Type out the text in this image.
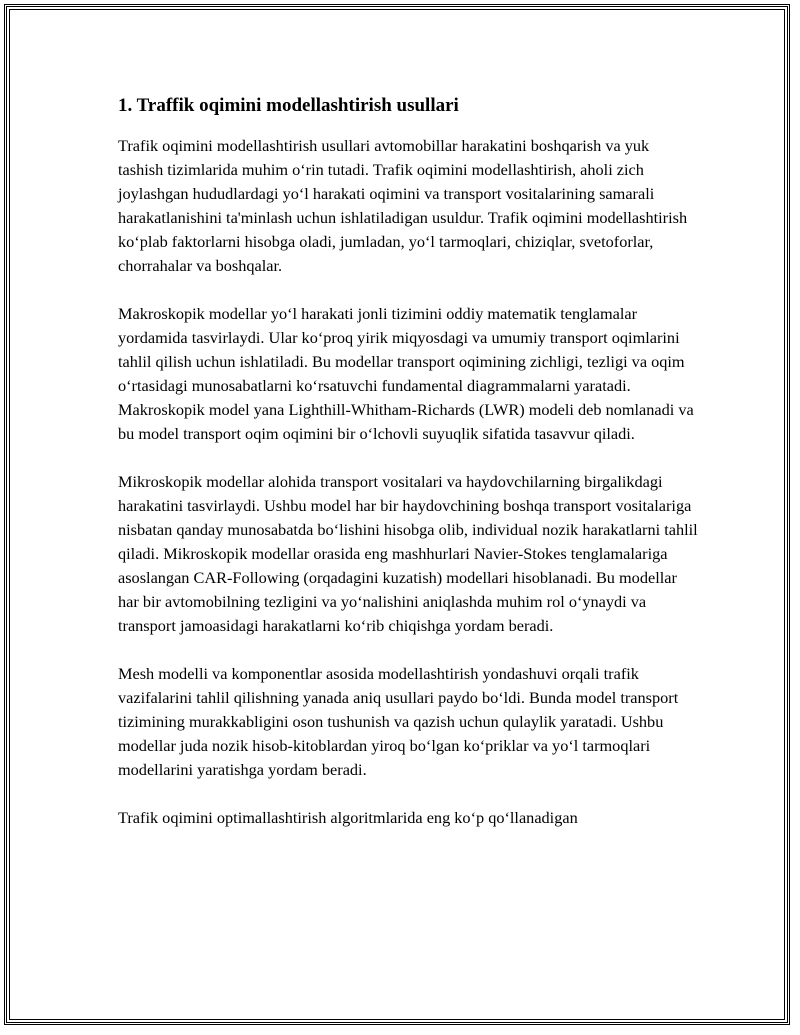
1. Traffik oqimini modellashtirish usullari

Trafik oqimini modellashtirish usullari avtomobillar harakatini boshqarish va yuk tashish tizimlarida muhim oʻrin tutadi. Trafik oqimini modellashtirish, aholi zich joylashgan hududlardagi yoʻl harakati oqimini va transport vositalarining samarali harakatlanishini ta'minlash uchun ishlatiladigan usuldur. Trafik oqimini modellashtirish koʻplab faktorlarni hisobga oladi, jumladan, yoʻl tarmoqlari, chiziqlar, svetoforlar, chorrahalar va boshqalar.

Makroskopik modellar yoʻl harakati jonli tizimini oddiy matematik tenglamalar yordamida tasvirlaydi. Ular koʻproq yirik miqyosdagi va umumiy transport oqimlarini tahlil qilish uchun ishlatiladi. Bu modellar transport oqimining zichligi, tezligi va oqim oʻrtasidagi munosabatlarni koʻrsatuvchi fundamental diagrammalarni yaratadi. Makroskopik model yana Lighthill-Whitham-Richards (LWR) modeli deb nomlanadi va bu model transport oqim oqimini bir oʻlchovli suyuqlik sifatida tasavvur qiladi.

Mikroskopik modellar alohida transport vositalari va haydovchilarning birgalikdagi harakatini tasvirlaydi. Ushbu model har bir haydovchining boshqa transport vositalariga nisbatan qanday munosabatda boʻlishini hisobga olib, individual nozik harakatlarni tahlil qiladi. Mikroskopik modellar orasida eng mashhurlari Navier-Stokes tenglamalariga asoslangan CAR-Following (orqadagini kuzatish) modellari hisoblanadi. Bu modellar har bir avtomobilning tezligini va yoʻnalishini aniqlashda muhim rol oʻynaydi va transport jamoasidagi harakatlarni koʻrib chiqishga yordam beradi.

Mesh modelli va komponentlar asosida modellashtirish yondashuvi orqali trafik vazifalarini tahlil qilishning yanada aniq usullari paydo boʻldi. Bunda model transport tizimining murakkabligini oson tushunish va qazish uchun qulaylik yaratadi. Ushbu modellar juda nozik hisob-kitoblardan yiroq boʻlgan koʻpriklar va yoʻl tarmoqlari modellarini yaratishga yordam beradi.

Trafik oqimini optimallashtirish algoritmlarida eng koʻp qoʻllanadigan
